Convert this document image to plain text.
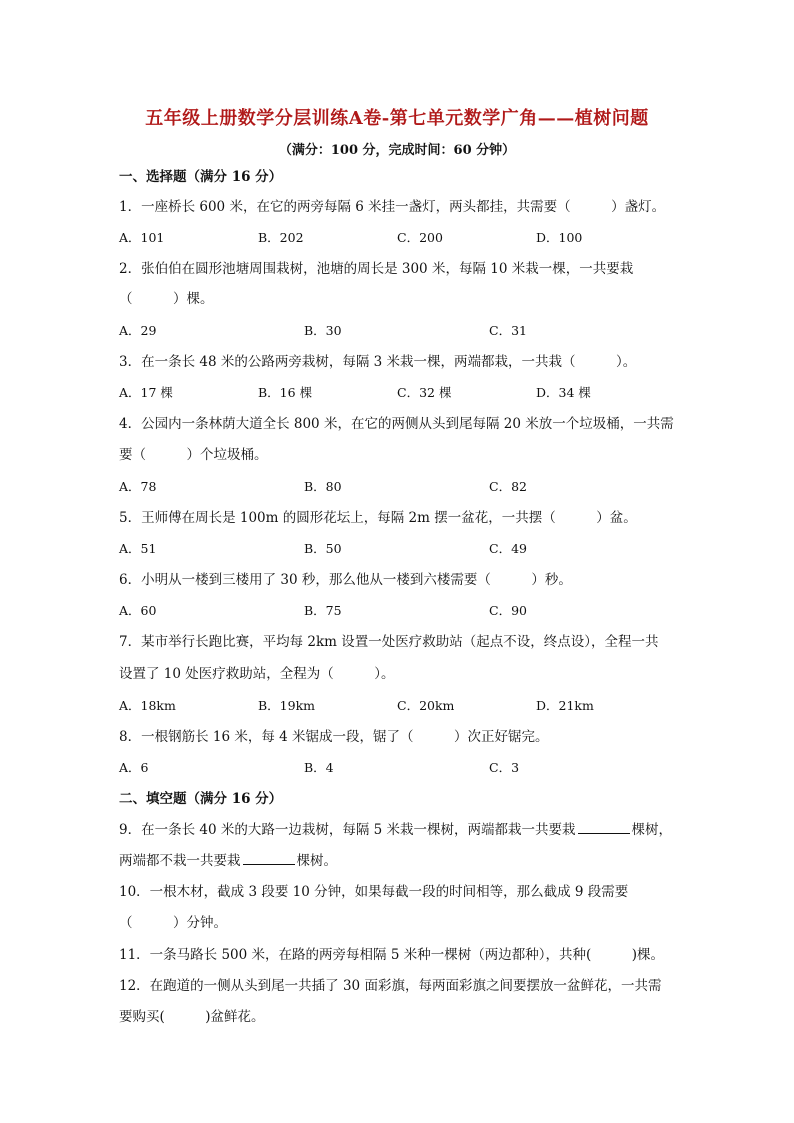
五年级上册数学分层训练A卷-第七单元数学广角——植树问题
（满分：100 分，完成时间：60 分钟）
一、选择题（满分 16 分）
1．一座桥长 600 米，在它的两旁每隔 6 米挂一盏灯，两头都挂，共需要（　　　）盏灯。
A．101	B．202	C．200	D．100
2．张伯伯在圆形池塘周围栽树，池塘的周长是 300 米，每隔 10 米栽一棵，一共要栽
（　　　）棵。
A．29	B．30	C．31
3．在一条长 48 米的公路两旁栽树，每隔 3 米栽一棵，两端都栽，一共栽（　　　）。
A．17 棵	B．16 棵	C．32 棵	D．34 棵
4．公园内一条林荫大道全长 800 米，在它的两侧从头到尾每隔 20 米放一个垃圾桶，一共需
要（　　　）个垃圾桶。
A．78	B．80	C．82
5．王师傅在周长是 100m 的圆形花坛上，每隔 2m 摆一盆花，一共摆（　　　）盆。
A．51	B．50	C．49
6．小明从一楼到三楼用了 30 秒，那么他从一楼到六楼需要（　　　）秒。
A．60	B．75	C．90
7．某市举行长跑比赛，平均每 2km 设置一处医疗救助站（起点不设，终点设），全程一共
设置了 10 处医疗救助站，全程为（　　　）。
A．18km	B．19km	C．20km	D．21km
8．一根钢筋长 16 米，每 4 米锯成一段，锯了（　　　）次正好锯完。
A．6	B．4	C．3
二、填空题（满分 16 分）
9．在一条长 40 米的大路一边栽树，每隔 5 米栽一棵树，两端都栽一共要栽	棵树，
两端都不栽一共要栽	棵树。
10．一根木材，截成 3 段要 10 分钟，如果每截一段的时间相等，那么截成 9 段需要
（　　　）分钟。
11．一条马路长 500 米，在路的两旁每相隔 5 米种一棵树（两边都种），共种(　　　)棵。
12．在跑道的一侧从头到尾一共插了 30 面彩旗，每两面彩旗之间要摆放一盆鲜花，一共需
要购买(　　　)盆鲜花。
